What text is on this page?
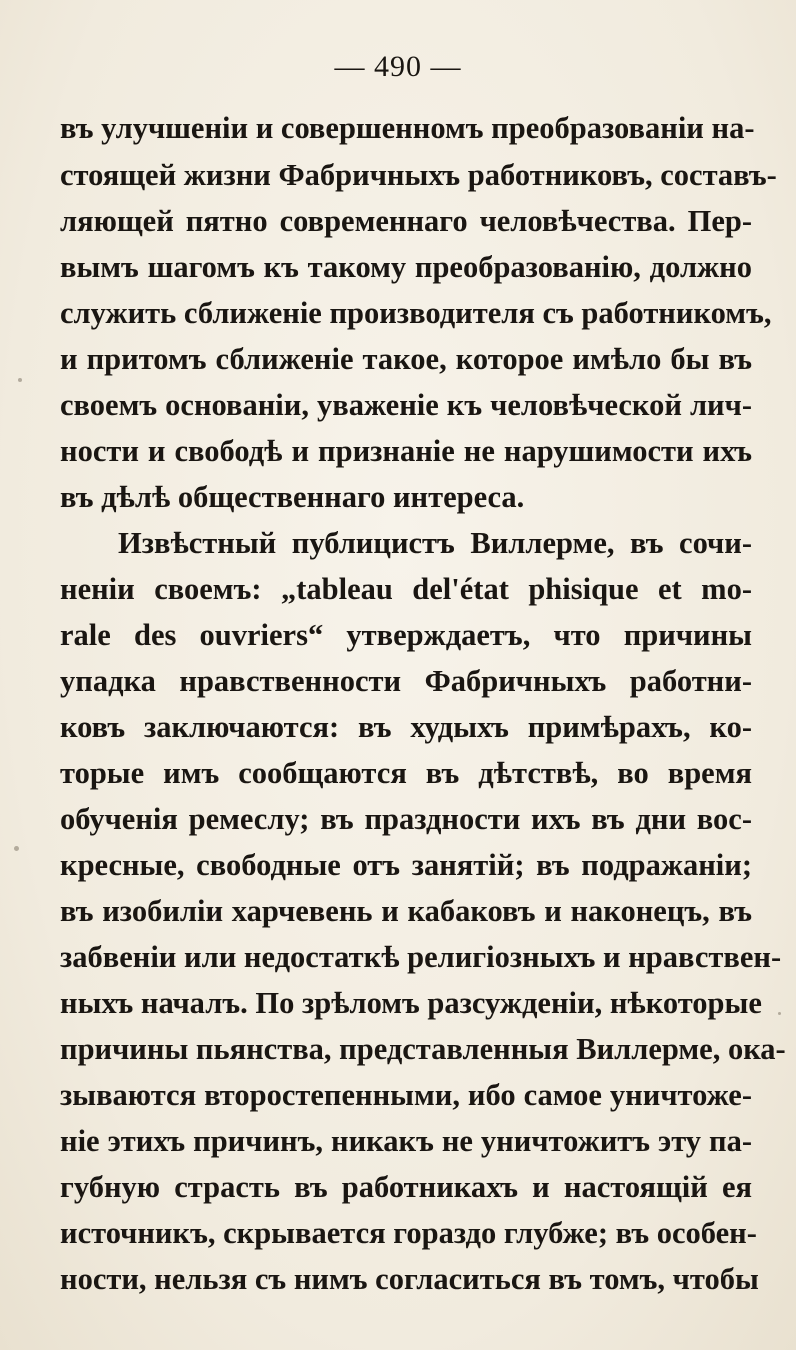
— 490 —
въ улучшеніи и совершенномъ преобразованіи на-
стоящей жизни Фабричныхъ работниковъ, составъ-
ляющей пятно современнаго человѣчества. Пер-
вымъ шагомъ къ такому преобразованію, должно
служить сближеніе производителя съ работникомъ,
и притомъ сближеніе такое, которое имѣло бы въ
своемъ основаніи, уваженіе къ человѣческой лич-
ности и свободѣ и признаніе не нарушимости ихъ
въ дѣлѣ общественнаго интереса.
Извѣстный публицистъ Виллерме, въ сочи-
неніи своемъ: „tableau del'état phisique et mo-
rale des ouvriers“ утверждаетъ, что причины
упадка нравственности Фабричныхъ работни-
ковъ заключаются: въ худыхъ примѣрахъ, ко-
торые имъ сообщаются въ дѣтствѣ, во время
обученія ремеслу; въ праздности ихъ въ дни вос-
кресные, свободные отъ занятій; въ подражаніи;
въ изобиліи харчевень и кабаковъ и наконецъ, въ
забвеніи или недостаткѣ религіозныхъ и нравствен-
ныхъ началъ. По зрѣломъ разсужденіи, нѣкоторые
причины пьянства, представленныя Виллерме, ока-
зываются второстепенными, ибо самое уничтоже-
ніе этихъ причинъ, никакъ не уничтожитъ эту па-
губную страсть въ работникахъ и настоящій ея
источникъ, скрывается гораздо глубже; въ особен-
ности, нельзя съ нимъ согласиться въ томъ, чтобы
